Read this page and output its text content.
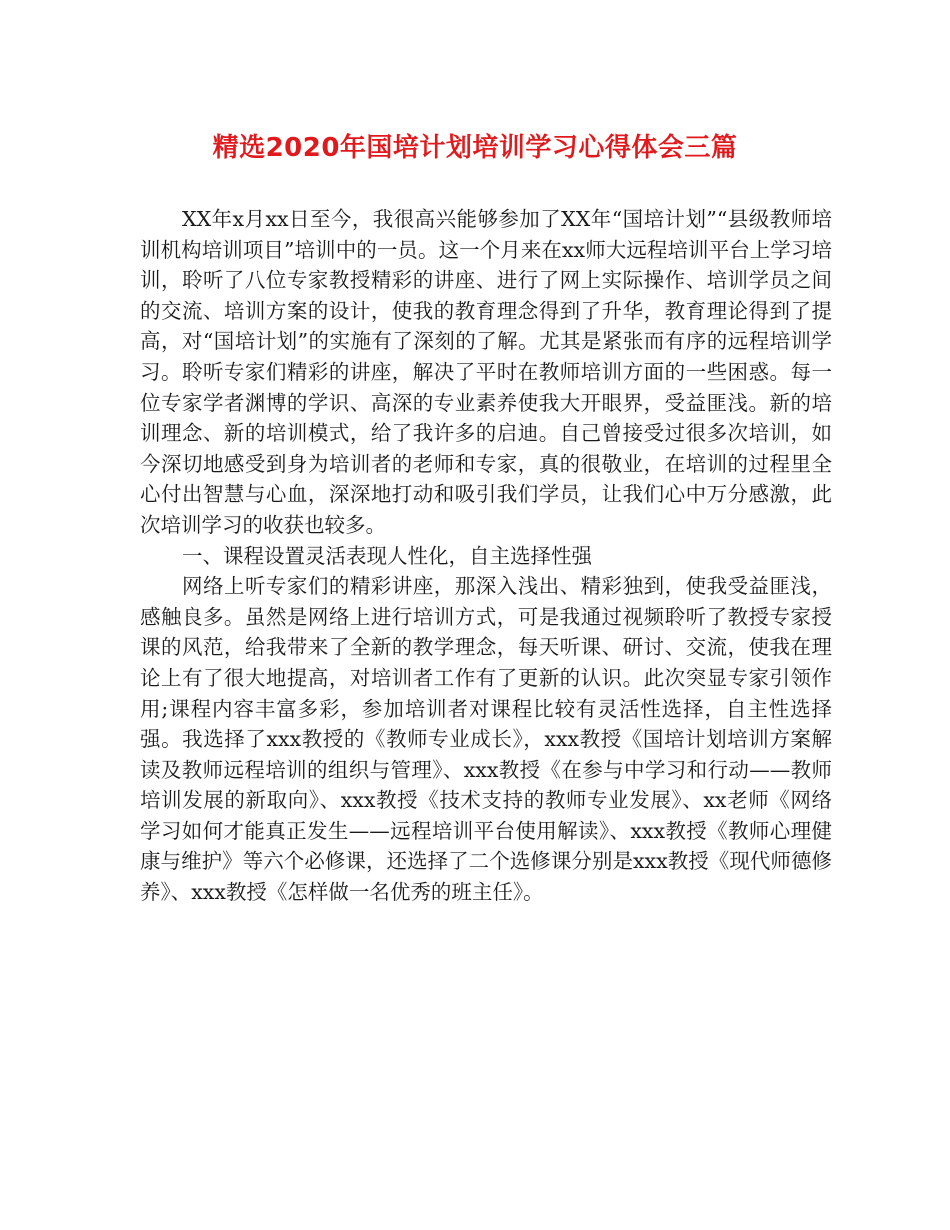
精选2020年国培计划培训学习心得体会三篇

XX年x月xx日至今，我很高兴能够参加了XX年“国培计划”“县级教师培训机构培训项目”培训中的一员。这一个月来在xx师大远程培训平台上学习培训，聆听了八位专家教授精彩的讲座、进行了网上实际操作、培训学员之间的交流、培训方案的设计，使我的教育理念得到了升华，教育理论得到了提高，对“国培计划”的实施有了深刻的了解。尤其是紧张而有序的远程培训学习。聆听专家们精彩的讲座，解决了平时在教师培训方面的一些困惑。每一位专家学者渊博的学识、高深的专业素养使我大开眼界，受益匪浅。新的培训理念、新的培训模式，给了我许多的启迪。自己曾接受过很多次培训，如今深切地感受到身为培训者的老师和专家，真的很敬业，在培训的过程里全心付出智慧与心血，深深地打动和吸引我们学员，让我们心中万分感激，此次培训学习的收获也较多。

一、课程设置灵活表现人性化，自主选择性强

网络上听专家们的精彩讲座，那深入浅出、精彩独到，使我受益匪浅，感触良多。虽然是网络上进行培训方式，可是我通过视频聆听了教授专家授课的风范，给我带来了全新的教学理念，每天听课、研讨、交流，使我在理论上有了很大地提高，对培训者工作有了更新的认识。此次突显专家引领作用;课程内容丰富多彩，参加培训者对课程比较有灵活性选择，自主性选择强。我选择了xxx教授的《教师专业成长》，xxx教授《国培计划培训方案解读及教师远程培训的组织与管理》、xxx教授《在参与中学习和行动——教师培训发展的新取向》、xxx教授《技术支持的教师专业发展》、xx老师《网络学习如何才能真正发生——远程培训平台使用解读》、xxx教授《教师心理健康与维护》等六个必修课，还选择了二个选修课分别是xxx教授《现代师德修养》、xxx教授《怎样做一名优秀的班主任》。
